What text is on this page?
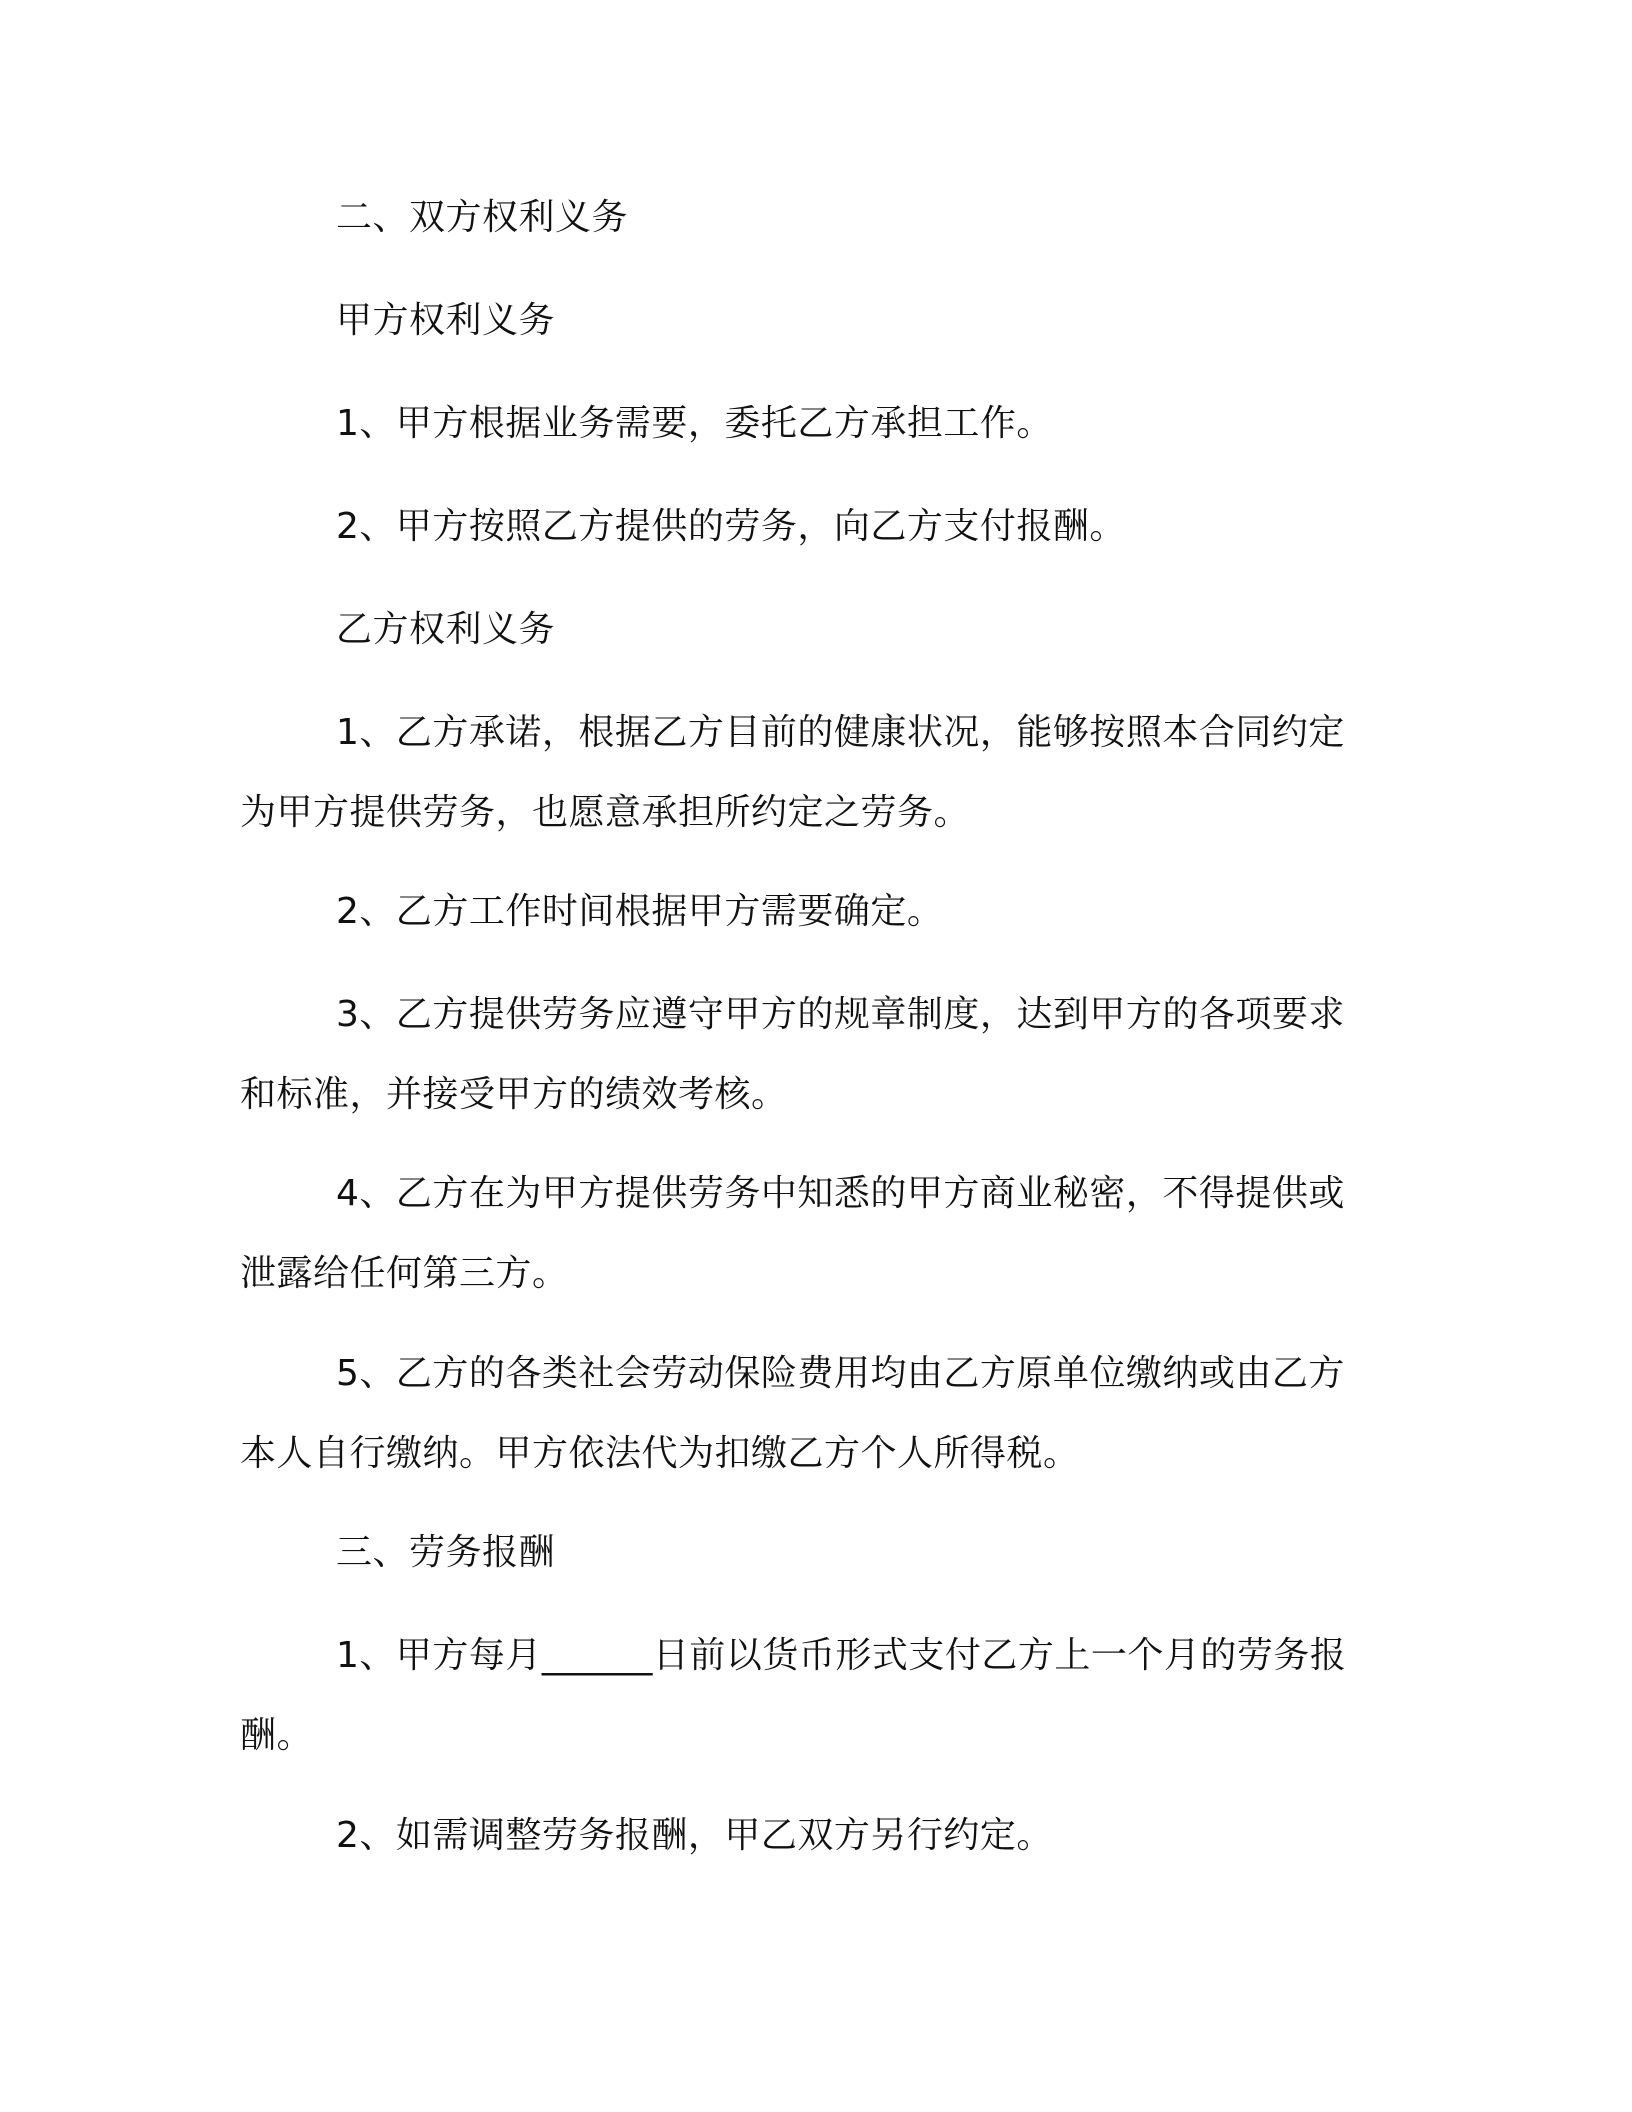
二、双方权利义务
甲方权利义务
1、甲方根据业务需要，委托乙方承担工作。
2、甲方按照乙方提供的劳务，向乙方支付报酬。
乙方权利义务
1、乙方承诺，根据乙方目前的健康状况，能够按照本合同约定
为甲方提供劳务，也愿意承担所约定之劳务。
2、乙方工作时间根据甲方需要确定。
3、乙方提供劳务应遵守甲方的规章制度，达到甲方的各项要求
和标准，并接受甲方的绩效考核。
4、乙方在为甲方提供劳务中知悉的甲方商业秘密，不得提供或
泄露给任何第三方。
5、乙方的各类社会劳动保险费用均由乙方原单位缴纳或由乙方
本人自行缴纳。甲方依法代为扣缴乙方个人所得税。
三、劳务报酬
1、甲方每月______日前以货币形式支付乙方上一个月的劳务报
酬。
2、如需调整劳务报酬，甲乙双方另行约定。
